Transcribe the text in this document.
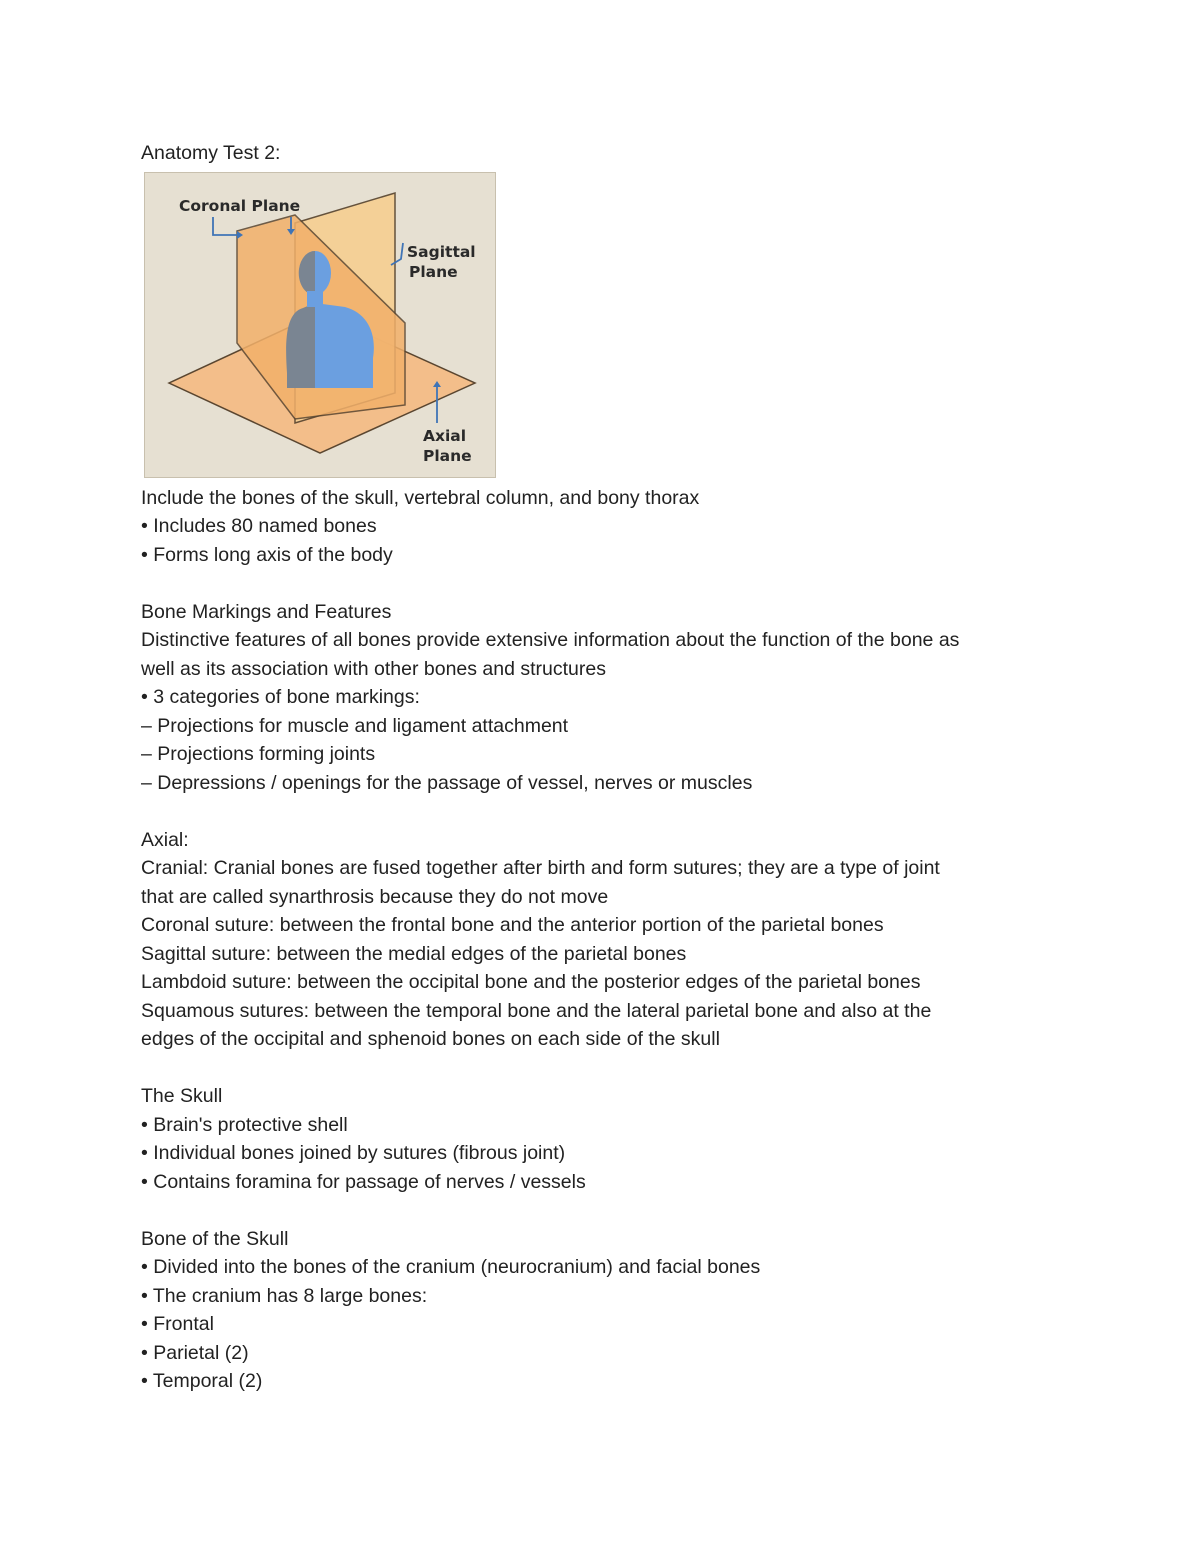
Anatomy Test 2:

Coronal Plane
Sagittal
Plane
Axial
Plane

Include the bones of the skull, vertebral column, and bony thorax

• Includes 80 named bones

• Forms long axis of the body

Bone Markings and Features

Distinctive features of all bones provide extensive information about the function of the bone as

well as its association with other bones and structures

• 3 categories of bone markings:

– Projections for muscle and ligament attachment

– Projections forming joints

– Depressions / openings for the passage of vessel, nerves or muscles

Axial:

Cranial: Cranial bones are fused together after birth and form sutures; they are a type of joint

that are called synarthrosis because they do not move

Coronal suture: between the frontal bone and the anterior portion of the parietal bones

Sagittal suture: between the medial edges of the parietal bones

Lambdoid suture: between the occipital bone and the posterior edges of the parietal bones

Squamous sutures: between the temporal bone and the lateral parietal bone and also at the

edges of the occipital and sphenoid bones on each side of the skull

The Skull

• Brain's protective shell

• Individual bones joined by sutures (fibrous joint)

• Contains foramina for passage of nerves / vessels

Bone of the Skull

• Divided into the bones of the cranium (neurocranium) and facial bones

• The cranium has 8 large bones:

• Frontal

• Parietal (2)

• Temporal (2)
